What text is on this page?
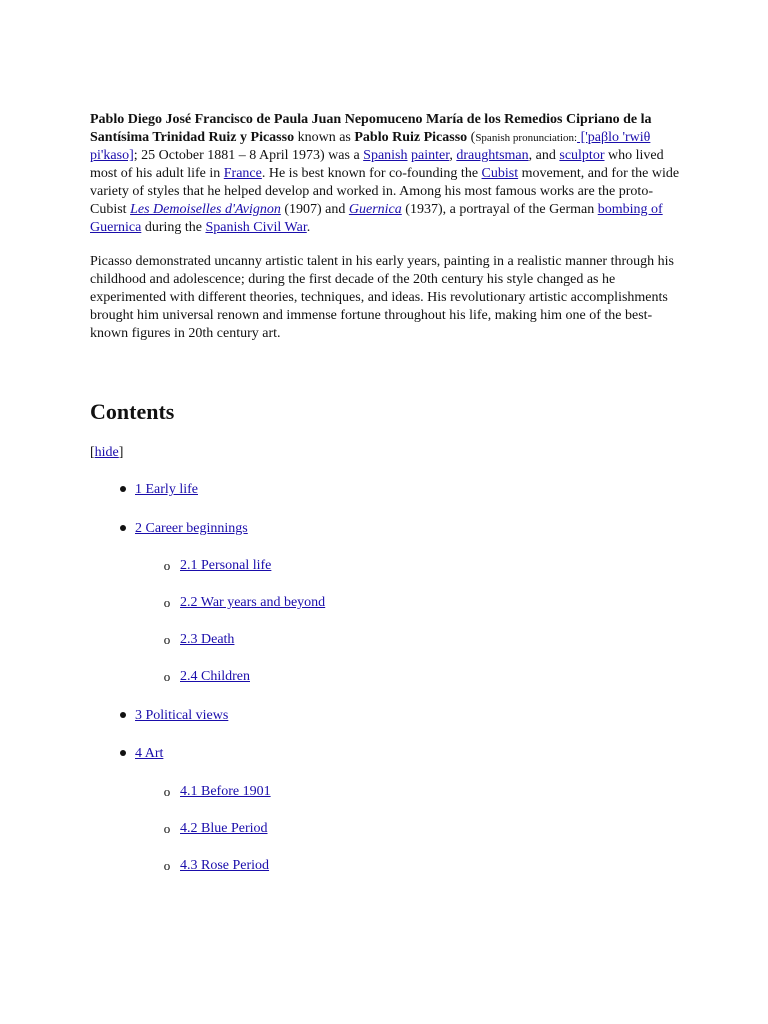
Pablo Diego José Francisco de Paula Juan Nepomuceno María de los Remedios Cipriano de la Santísima Trinidad Ruiz y Picasso known as Pablo Ruiz Picasso (Spanish pronunciation: ['paβlo 'rwiθ pi'kaso]; 25 October 1881 – 8 April 1973) was a Spanish painter, draughtsman, and sculptor who lived most of his adult life in France. He is best known for co-founding the Cubist movement, and for the wide variety of styles that he helped develop and worked in. Among his most famous works are the proto-Cubist Les Demoiselles d'Avignon (1907) and Guernica (1937), a portrayal of the German bombing of Guernica during the Spanish Civil War.

Picasso demonstrated uncanny artistic talent in his early years, painting in a realistic manner through his childhood and adolescence; during the first decade of the 20th century his style changed as he experimented with different theories, techniques, and ideas. His revolutionary artistic accomplishments brought him universal renown and immense fortune throughout his life, making him one of the best-known figures in 20th century art.

Contents
[hide]
1 Early life
2 Career beginnings
o 2.1 Personal life
o 2.2 War years and beyond
o 2.3 Death
o 2.4 Children
3 Political views
4 Art
o 4.1 Before 1901
o 4.2 Blue Period
o 4.3 Rose Period
